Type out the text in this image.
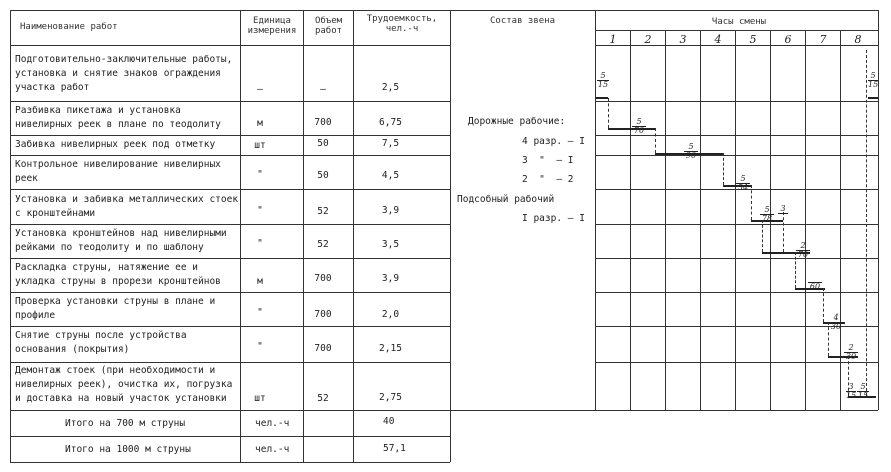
Наименование работ
Единица измерения
Объем работ
Трудоемкость, чел.-ч
Состав звена	Часы смены
1	2	3	4	5	6	7	8
Подготовительно-заключительные работы, установка и снятие знаков ограждения участка работ	–	–	2,5
Разбивка пикетажа и установка нивелирных реек в плане по теодолиту	м	700	6,75
Забивка нивелирных реек под отметку	шт	50	7,5
Контрольное нивелирование нивелирных реек	"	50	4,5
Установка и забивка металлических стоек с кронштейнами	"	52	3,9
Установка кронштейнов над нивелирными рейками по теодолиту и по шаблону	"	52	3,5
Раскладка струны, натяжение ее и укладка струны в прорези кронштейнов	м	700	3,9
Проверка установки струны в плане и профиле	"	700	2,0
Снятие струны после устройства основания (покрытия)	"	700	2,15
Демонтаж стоек (при необходимости и нивелирных реек), очистка их, погрузка и доставка на новый участок установки	шт	52	2,75
Итого на 700 м струны	чел.-ч	40
Итого на 1000 м струны	чел.-ч	57,1
Дорожные рабочие:
4 разр. – I
3  "  – I
2  "  – 2
Подсобный рабочий
I разр. – I
$\frac{5}{15}$
$\frac{5}{70}$
$\frac{5}{90}$
$\frac{5}{54}$
$\frac{5}{78} 3$
$\frac{2}{70}$
60
$\frac{4}{30}$
$\frac{2}{30}$
$\frac{3}{15} \frac{5}{15}$
$\frac{5}{15}$
